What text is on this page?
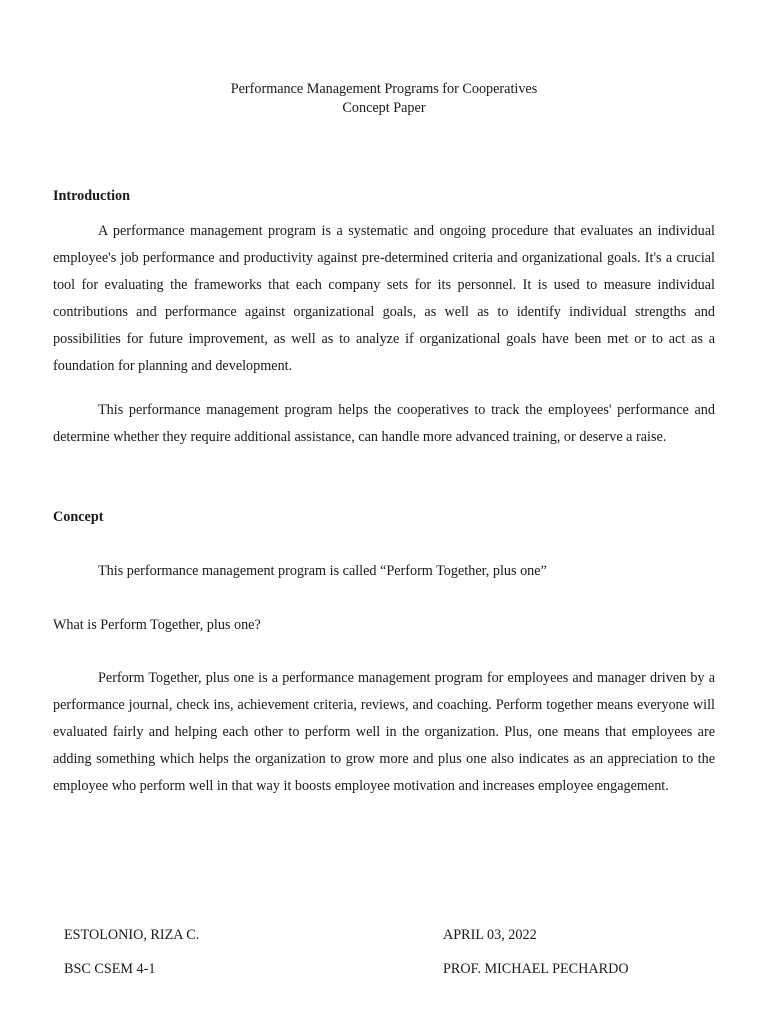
Performance Management Programs for Cooperatives
Concept Paper
Introduction

A performance management program is a systematic and ongoing procedure that evaluates an individual employee's job performance and productivity against pre-determined criteria and organizational goals. It's a crucial tool for evaluating the frameworks that each company sets for its personnel. It is used to measure individual contributions and performance against organizational goals, as well as to identify individual strengths and possibilities for future improvement, as well as to analyze if organizational goals have been met or to act as a foundation for planning and development.

This performance management program helps the cooperatives to track the employees' performance and determine whether they require additional assistance, can handle more advanced training, or deserve a raise.

Concept
This performance management program is called “Perform Together, plus one”
What is Perform Together, plus one?

Perform Together, plus one is a performance management program for employees and manager driven by a performance journal, check ins, achievement criteria, reviews, and coaching. Perform together means everyone will evaluated fairly and helping each other to perform well in the organization. Plus, one means that employees are adding something which helps the organization to grow more and plus one also indicates as an appreciation to the employee who perform well in that way it boosts employee motivation and increases employee engagement.

ESTOLONIO, RIZA C.
BSC CSEM 4-1
APRIL 03, 2022
PROF. MICHAEL PECHARDO
